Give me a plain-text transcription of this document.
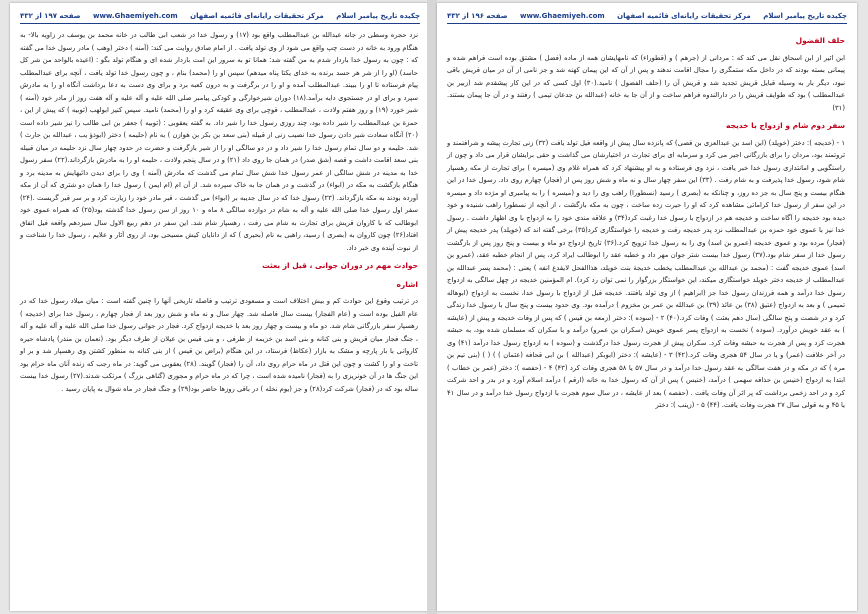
چکیده تاریخ پیامبر اسلام
مرکز تحقیقات رایانه‌ای قائمیه اصفهان
www.Ghaemiyeh.com
صفحه ۱۹۷ از ۴۳۲

نزد حجره وسطی در جانه عبدالله بن عبدالمطلب واقع بود (۱۷) و رسول خدا در شعب ابی طالب در خانه محمد بن یوسف در زاویه بالا- به هنگام ورود به خانه در دست چپ واقع می شود از وی تولد یافت . از امام صادق روایت می کند: (آمنه ) دختر (وهب ) مادر رسول خدا می گفته که : چون به رسول خدا باردار شدم به من گفته شد: همانا تو به سرور این امت باردار شده ای و هنگام تولد بگو : (اعیذه بالواحد من شر کل حاسد) (او را از شر هر حسد برنده به خدای یکتا پناه میدهم) سپس او را (محمد) بنام ، و چون رسول خدا تولد یافت ، آنچه برای عبدالمطلب پیام فرستاده تا او را ببیند. عبدالمطلب آمده و او را در برگرفت و به درون کعبه برد و برای وی دست به دعا برداشت آنگاه او را به مادرش سپرد و برای او در جستجوی دایه برآمد.(۱۸) دوران شیرخوارگی و کودکی پیامبر صلی الله علیه و آله علیه و آله هفت روز از مادر خود (آمنه ) شیر خورد (۱۹) و روز هفتم ولادت ، عبدالمطلب ، قوچی برای وی عقیقه کرد و او را (محمد) نامید. سپس کنیز ابولهب (ثوبیه ) که پیش از این ، حمزة بن عبدالمطلب را شیر داده بود، چند روزی رسول خدا را شیر داد. به گفته یعقوبی : (ثوبیه ) جعفر بن ابی طالب را نیز شیر داده است (۲۰) آنگاه سعادت شیر دادن رسول خدا نصیب زنی از قبیله (بنی سعد بن بکر بن هوازن ) به نام (حلیمه ) دختر (ابوذؤ یب ، عبدالله بن حارث ) شد. حلیمه و دو سال تمام رسول خدا را شیر داد و در دو سالگی او را از شیر بازگرفت و حضرت در حدود چهار سال نزد حلیمه در میان قبیله بنی سعد اقامت داشت و قصه (شق صدر) در همان جا روی داد (۲۱) و در سال پنجم ولادت ، حلیمه او را به مادرش بازگرداند.(۲۲) سفر رسول خدا به مدینه در شش سالگی از عمر رسول خدا شش سال تمام می گذشت که مادرش (آمنه ) وی را برای دیدن دائیهایش به مدینه برد و هنگام بازگشت به مکه در (ابواء) در گذشت و در همان جا به خاک سپرده شد. از آن ام (ام ایمن ) رسول خدا را همان دو شتری که آن از مکه آورده بودند به مکه بازگرداند. (۲۳) رسول خدا که در سال جدیبه بر (ابواء) می گذشت ، قبر مادر خود را زیارت کرد و بر سر قبر گریست .(۲۴) سفر اول رسول خدا صلی الله علیه و آله به شام در دوازده سالگی ۸ ماه و ۱۰ روز از سن رسول خدا گذشته بود(۲۵) که همراه عموی خود ابوطالب که با کاروان قریش برای تجارت به شام می رفت ، رهسپار شام شد. این سفر در دهم ربیع الاول سال سیزدهم واقعه فیل اتفاق افتاد(۲۶) چون کاروان به (بصری ) رسید، راهبی به نام (بحیری ) که از دانایان کیش مسیحی بود، از روی آثار و علایم ، رسول خدا را شناخت و از نبوت آینده وی خبر داد.

حوادث مهم در دوران جوانی ، قبل از بعثت
اشاره

در ترتیب وقوع این حوادث کم و بیش اختلاف است و مسعودی ترتیب و فاصله تاریخی آنها را چنین گفته است : میان میلاد رسول خدا که در عام الفیل بوده است و (عام الفجار) بیست سال فاصله شد. چهار سال و نه ماه و شش روز بعد از فجار چهارم ، رسول خدا برای (خدیجه ) رهسپار سفر بازرگانی شام شد. دو ماه و بیست و چهار روز بعد با خدیجه ازدواج کرد. فجار در جوانی رسول خدا صلی الله علیه و آله علیه و آله ، جنگ فجار میان قریش و بنی کنانه و بنی اسد بن خزیمه از طرفی ، و بنی قیس بن عیلان از طرف دیگر بود. (نعمان بن منذر) پادشاه حیره کاروانی با بار پارچه و مشک به بازار (عکاظ) فرستاد، در این هنگام (براض بن قیس ) از بنی کنانه به منطور کشتن وی رهسپار شد و بر او تاخت و او را کشت و چون این قتل در ماه حرام روی داد، آن را (فجار) گویند. (۲۸) یعقوبی می گوید: در ماه رجب که زنده آنان ماه حرام بود این جنگ ها در آن خونریزی را به (فجار) نامیده شده است ، چرا که در ماه حرام و مجوری (گناهی بزرگ ) مرتکب شدند.(۲۷) رسول خدا بیست ساله بود که در (فجار) شرکت کرد(۲۸) و جز (یوم نخله ) در باقی روزها حاضر بود(۲۹) و جنگ فجار در ماه شوال به پایان رسید .

چکیده تاریخ پیامبر اسلام
مرکز تحقیقات رایانه‌ای قائمیه اصفهان
www.Ghaemiyeh.com
صفحه ۱۹۶ از ۴۳۲
حلف الفضول

ابن اثیر از ابن اسحاق نقل می کند که : مردانی از (جرهم ) و (قطوراء) که نامهایشان همه از ماده (فضل ) مشتق بوده است فراهم شده و پیمانی بسته بودند که در داخل مکه ستمگری را مجال اقامت ندهند و پس از آن که این پیمان کهنه شد و جز نامی از آن در میان قریش باقی نبود، دیگر بار به وسیله قبایل قریش تجدید شد و قریش آن را (حلف الفضول ) نامید.(۳۰) اول کسی که در این کار پیشقدم شد (زبیر بن عبدالمطلب ) بود که طوایف قریش را در دارالندوه فراهم ساخت و از آن جا به خانه (عبدالله بن جدعان تیمی ) رفتند و در آن جا پیمان بستند. (۳۱)

سفر دوم شام و ازدواج با خدیجه

۱ - (خدیجه ): دختر (خویلد) (ابن اسد بن عبدالعزی بن قصی) که پانزده سال پیش از واقعه فیل تولد یافت (۳۲) زنی تجارت پیشه و شرافتمند و ثروتمند بود، مردان را برای بازرگانی اجیر می کرد و سرمایه ای برای تجارت در اختیارشان می گذاشت و حقی برایشان قرار می داد و چون از راستگویی و امانتداری رسول خدا خبر یافت ، نزد وی فرستاده و به او پیشنهاد کرد که همراه غلام وی (میسره ) برای تجارت از مکه رهسپار شام شود، رسول خدا پذیرفت و به شام رفت . (۳۳) این سفر چهار سال و نه ماه و شش روز پس از (فجار) چهارم روی داد. رسول خدا در این هنگام بیست و پنج سال به جز ده روز، و چنانکه به (بصری ) رسید (نسطورا) راهب وی را دید و (میسره ) را به پیامبری او مژده داد و میسره در این سفر از رسول خدا کراماتی مشاهده کرد که او را حیرت زده ساخت ، چون به مکه بازگشت ، از آنچه از نسطورا راهب شنیده و خود دیده بود خدیجه را آگاه ساخت و خدیجه هم در ازدواج با رسول خدا رغبت کرد(۳۴) و علاقه مندی خود را به ازدواج با وی اظهار داشت . رسول خدا نیز با عموی خود حمزه بن عبدالمطلب نزد پدر خدیجه رفت و خدیجه را خواستگاری کرد(۳۵) برخی گفته اند که (خویلد) پدر خدیجه پیش از (فجار) مرده بود و عموی خدیجه (عمرو بن اسد) وی را به رسول خدا تزویج کرد.(۳۶) تاریخ ازدواج دو ماه و بیست و پنج روز پس از بازگشت رسول خدا از سفر شام بود.(۳۷) رسول خدا بیست شتر جوان مهر داد و خطبه عقد را ابوطالب ایراد کرد، پس از انجام خطبه عقد، (عمرو بن اسد) عموی خدیجه گفت : (محمد بن عبدالله بن عبدالمطلب یخطب خدیجة بنت خویلد، هذاالفحل لایقدع انفه ) یعنی : (محمد پسر عبدالله بن عبدالمطلب از خدیجه دختر خویلد خواستگاری میکند، این خواستگار بزرگوار را نمی توان رد کرد). ام المؤمنین خدیجه در چهل سالگی به ازدواج رسول خدا درآمد و همه فرزندان رسول خدا جز (ابراهیم ) از وی تولد یافتند. خدیجه قبل از ازدواج با رسول خدا، نخست به ازدواج (ابوهاله تمیمی ) و بعد به ازدواج (عتیق (۳۸) بن عائذ (۳۹) بن عبدالله بن عمر بن مخزوم ) درآمده بود. وی حدود بیست و پنج سال با رسول خدا زندگی کرد و در شصت و پنج سالگی (سال دهم بعثت ) وفات کرد.(۴۰) ۲ - (سوده ): دختر (زمعه بن قیس ) که پس از وفات خدیجه و پیش از (عایشه ) به عقد خویش درآورد. (سوده ) نخست به ازدواج پسر عموی خویش (سکران بن عمرو) درآمد و با سکران که مسلمان شده بود، به حبشه هجرت کرد و پس از هجرت به حبشه وفات کرد. سکران پیش از هجرت رسول خدا درگذشت و (سوده ) به ازدواج رسول خدا درآمد (۴۱) وی در آخر خلافت (عمر) و یا در سال ۵۴ هجری وفات کرد.(۴۲) ۳ - (عایشه ): دختر (ابوبکر (عبدالله ) بن ابی قحافه (عثمان ) ) ( ) (بنی تیم بن مره ) که در مکه و در هفت سالگی به عقد رسول خدا درآمد و در سال ۵۷ یا ۵۸ هجری وفات کرد (۴۳) ۴ - (حفصه ): دختر (عمر بن خطاب ) ابتدا به ازدواج (خنیس بن حذافه سهمی ) درآمد، (خنیس ) پس از آن که رسول خدا به خانه (ارقم ) درآمد اسلام آورد و در بدر و احد شرکت کرد و در احد زخمی برداشت که پر اثر آن وفات یافت . (حفصه ) بعد از عایشه ، در سال سوم هجرت با ازدواج رسول خدا درآمد و در سال ۴۱ یا ۴۵ و به قولی سال ۲۷ هجرت وفات یافت. (۴۴) ۵ - (زینب ): دختر
